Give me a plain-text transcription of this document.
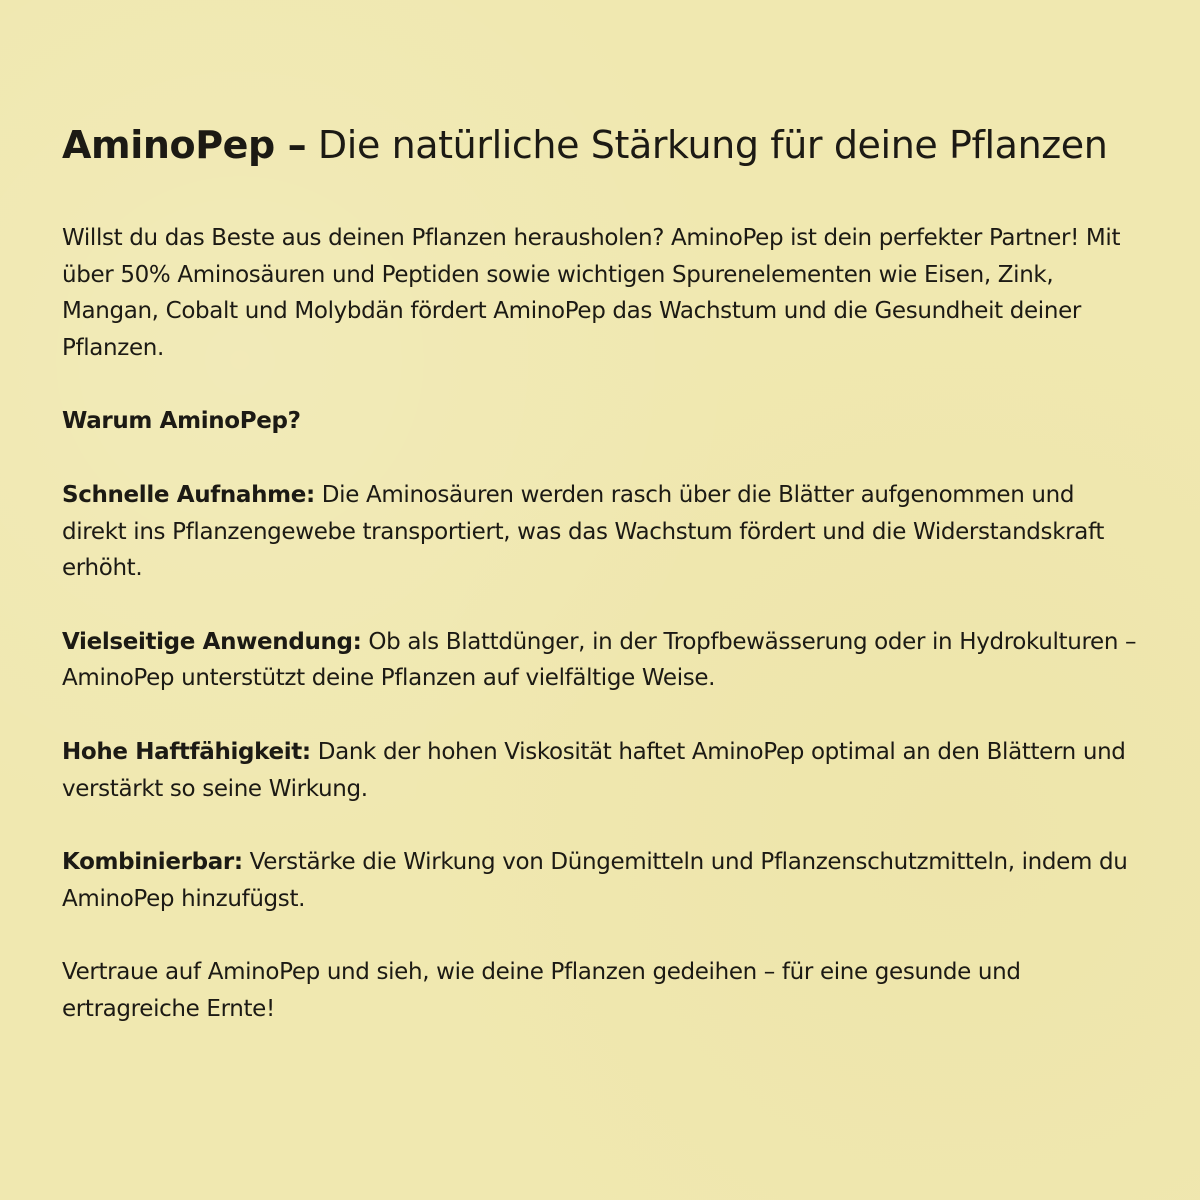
AminoPep – Die natürliche Stärkung für deine Pflanzen

Willst du das Beste aus deinen Pflanzen herausholen? AminoPep ist dein perfekter Partner! Mit über 50% Aminosäuren und Peptiden sowie wichtigen Spurenelementen wie Eisen, Zink, Mangan, Cobalt und Molybdän fördert AminoPep das Wachstum und die Gesundheit deiner Pflanzen.

Warum AminoPep?

Schnelle Aufnahme: Die Aminosäuren werden rasch über die Blätter aufgenommen und direkt ins Pflanzengewebe transportiert, was das Wachstum fördert und die Widerstandskraft erhöht.

Vielseitige Anwendung: Ob als Blattdünger, in der Tropfbewässerung oder in Hydrokulturen – AminoPep unterstützt deine Pflanzen auf vielfältige Weise.

Hohe Haftfähigkeit: Dank der hohen Viskosität haftet AminoPep optimal an den Blättern und verstärkt so seine Wirkung.

Kombinierbar: Verstärke die Wirkung von Düngemitteln und Pflanzenschutzmitteln, indem du AminoPep hinzufügst.

Vertraue auf AminoPep und sieh, wie deine Pflanzen gedeihen – für eine gesunde und ertragreiche Ernte!
